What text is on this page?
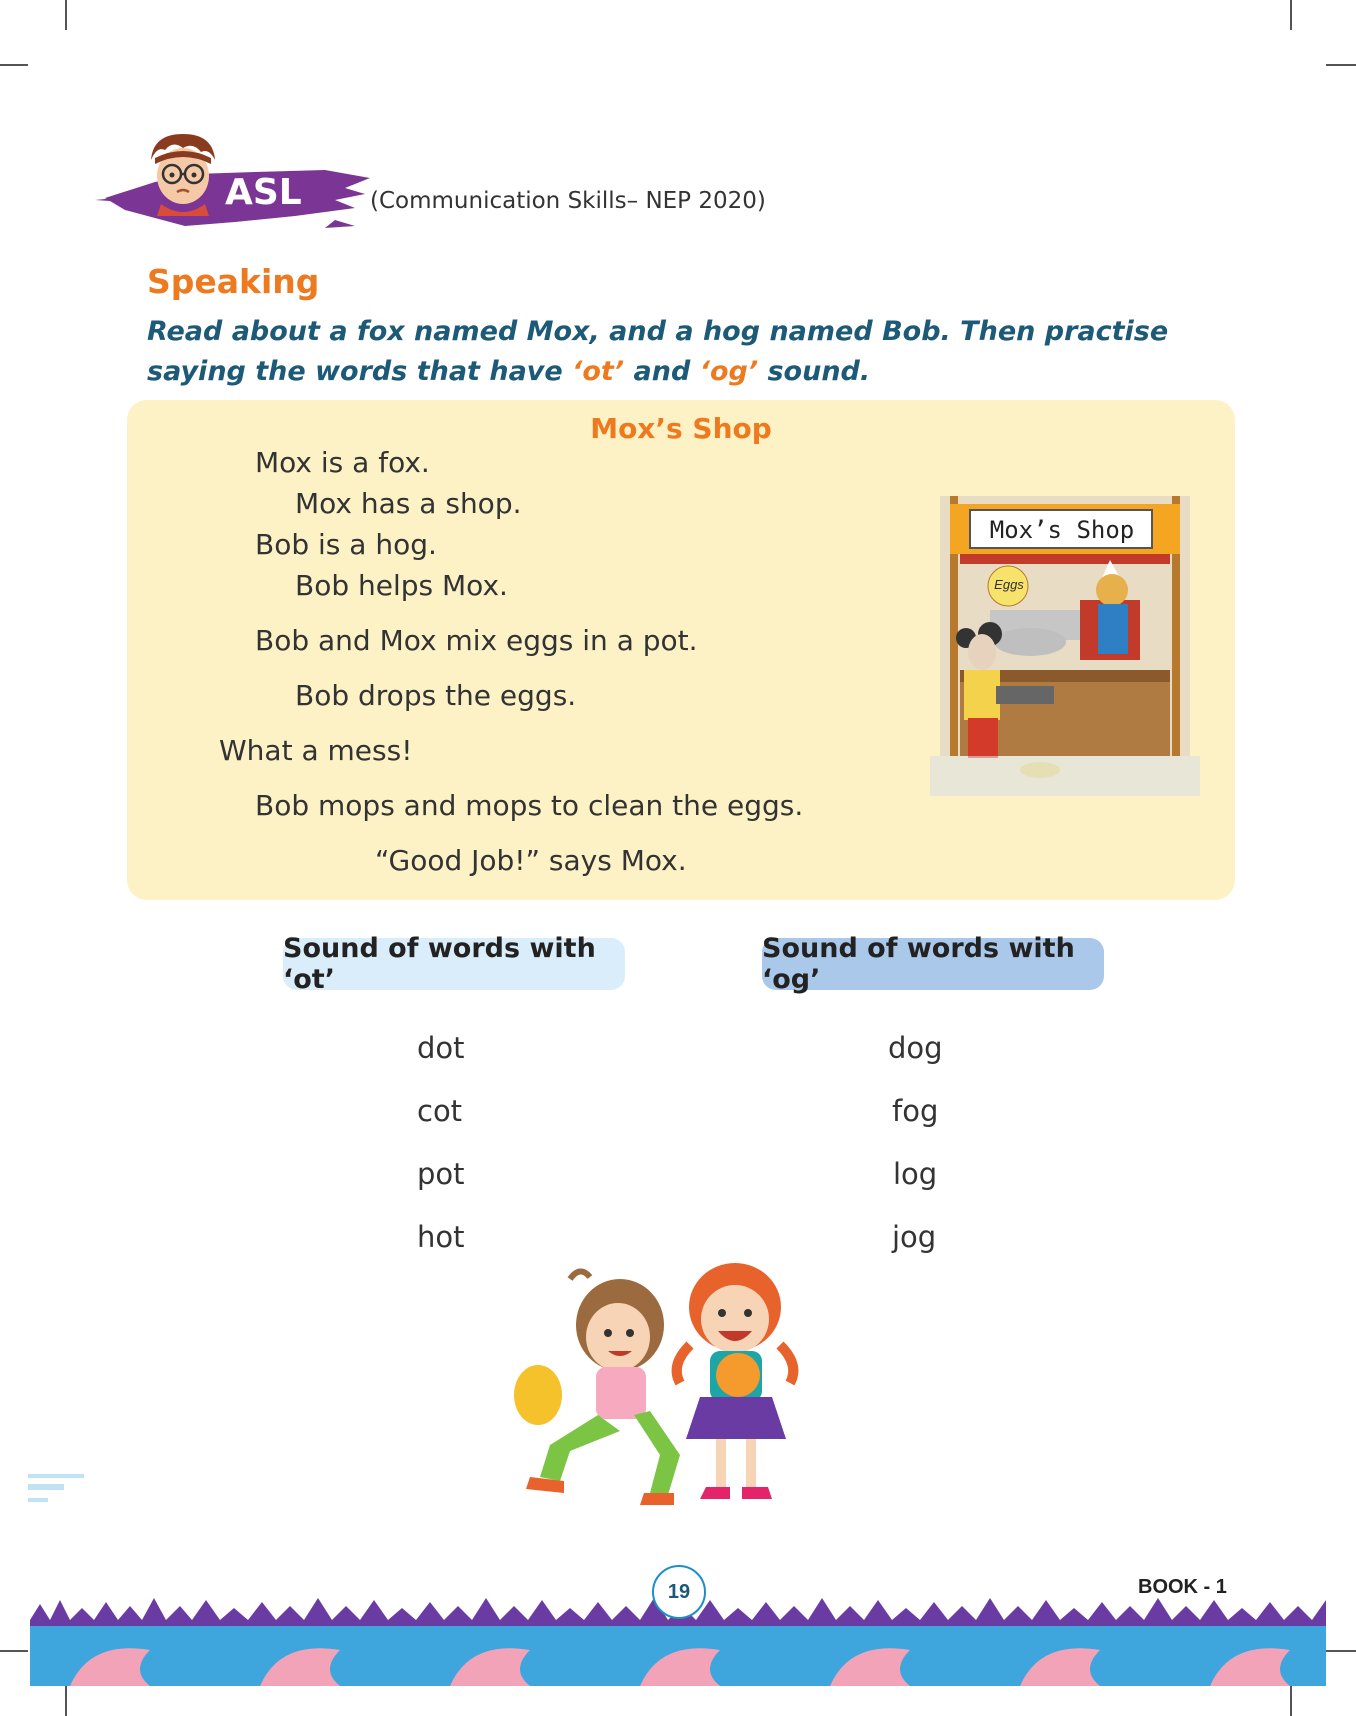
ASL	(Communication Skills– NEP 2020)
Speaking
Read about a fox named Mox, and a hog named Bob. Then practise saying the words that have ‘ot’ and ‘og’ sound.
Mox’s Shop
Mox is a fox.
Mox has a shop.
Bob is a hog.
Bob helps Mox.
Bob and Mox mix eggs in a pot.
Bob drops the eggs.
What a mess!
Bob mops and mops to clean the eggs.
“Good Job!” says Mox.
Mox’s Shop
Eggs
Sound of words with ‘ot’
Sound of words with ‘og’
dot
cot
pot
hot
dog
fog
log
jog
19	BOOK - 1
